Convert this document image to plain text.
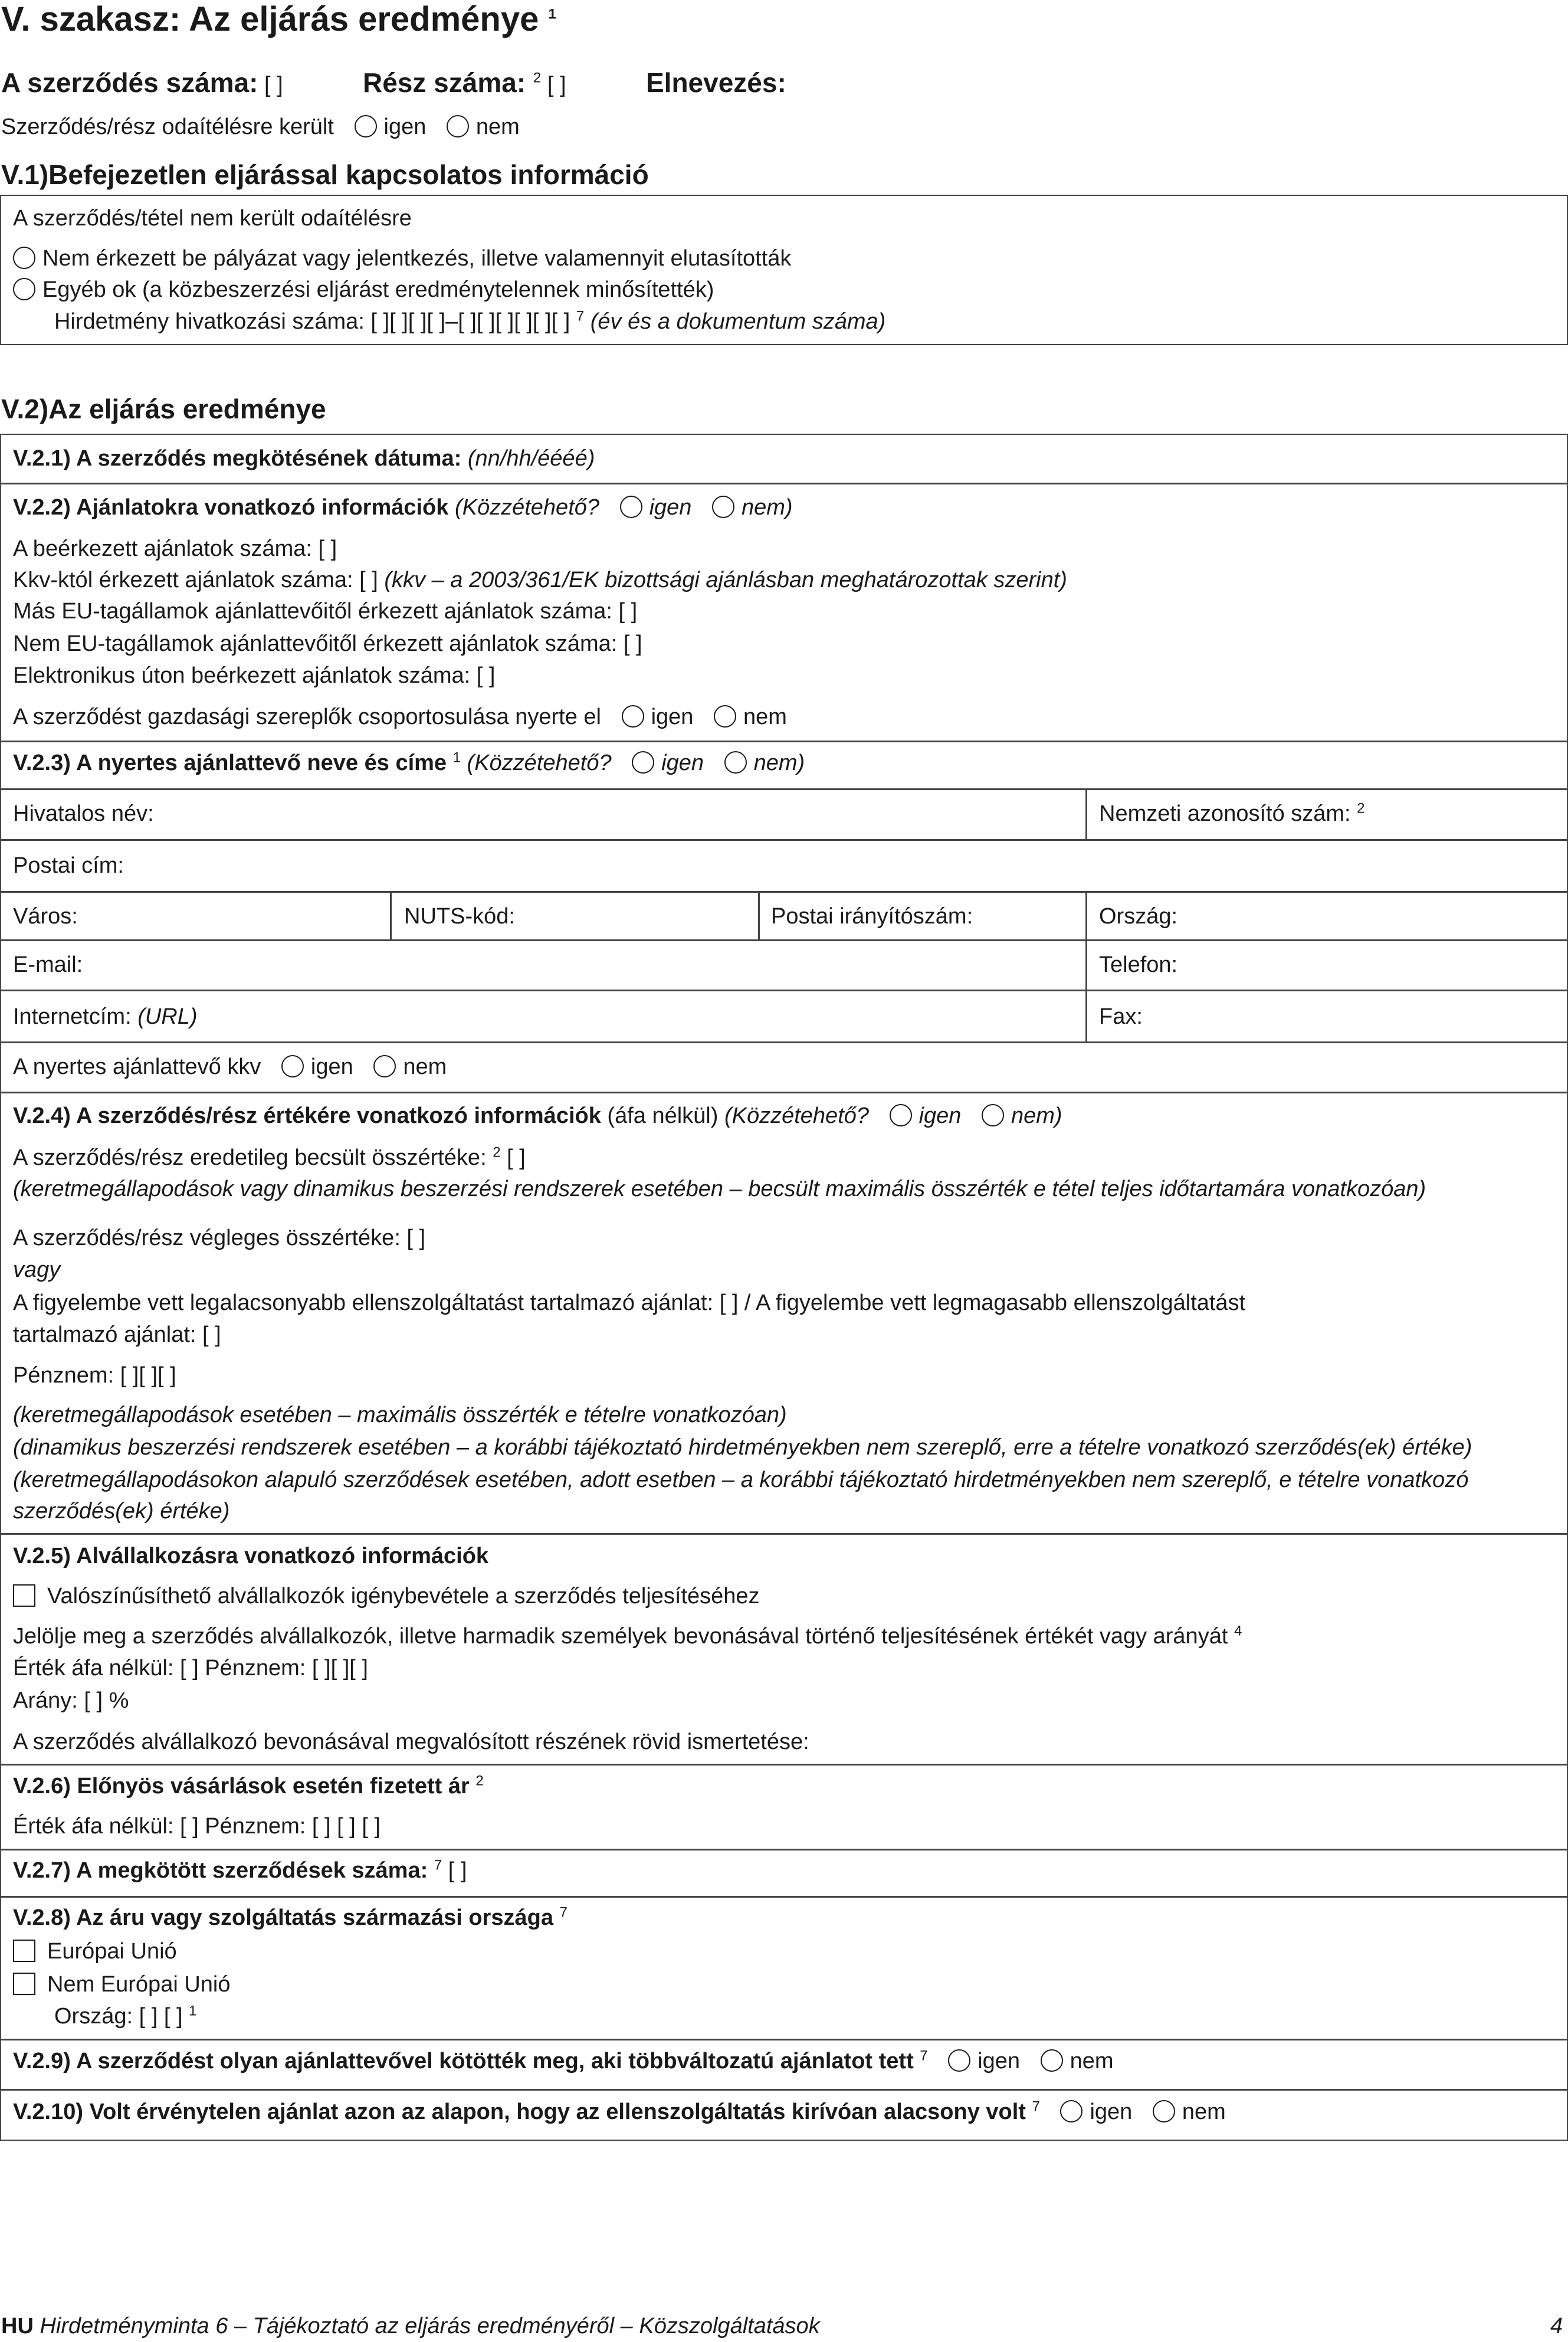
V. szakasz: Az eljárás eredménye $^1$
A szerződés száma: [ ]	Rész száma: $^2$ [ ]	Elnevezés:
Szerződés/rész odaítélésre került igen nem
V.1)Befejezetlen eljárással kapcsolatos információ
A szerződés/tétel nem került odaítélésre
Nem érkezett be pályázat vagy jelentkezés, illetve valamennyit elutasították
Egyéb ok (a közbeszerzési eljárást eredménytelennek minősítették)
Hirdetmény hivatkozási száma: [ ][ ][ ][ ]–[ ][ ][ ][ ][ ][ ] $^7$ (év és a dokumentum száma)
V.2)Az eljárás eredménye
V.2.1) A szerződés megkötésének dátuma: (nn/hh/éééé)
V.2.2) Ajánlatokra vonatkozó információk (Közzétehető? igen nem)
A beérkezett ajánlatok száma: [ ]
Kkv-któl érkezett ajánlatok száma: [ ] (kkv – a 2003/361/EK bizottsági ajánlásban meghatározottak szerint)
Más EU-tagállamok ajánlattevőitől érkezett ajánlatok száma: [ ]
Nem EU-tagállamok ajánlattevőitől érkezett ajánlatok száma: [ ]
Elektronikus úton beérkezett ajánlatok száma: [ ]
A szerződést gazdasági szereplők csoportosulása nyerte el igen nem
V.2.3) A nyertes ajánlattevő neve és címe $^1$ (Közzétehető? igen nem)
Hivatalos név:	Nemzeti azonosító szám: $^2$
Postai cím:
Város:	NUTS-kód:	Postai irányítószám:	Ország:
E-mail:	Telefon:
Internetcím: (URL)	Fax:
A nyertes ajánlattevő kkv igen nem
V.2.4) A szerződés/rész értékére vonatkozó információk (áfa nélkül) (Közzétehető? igen nem)
A szerződés/rész eredetileg becsült összértéke: $^2$ [ ]
(keretmegállapodások vagy dinamikus beszerzési rendszerek esetében – becsült maximális összérték e tétel teljes időtartamára vonatkozóan)
A szerződés/rész végleges összértéke: [ ]
vagy
A figyelembe vett legalacsonyabb ellenszolgáltatást tartalmazó ajánlat: [ ] / A figyelembe vett legmagasabb ellenszolgáltatást
tartalmazó ajánlat: [ ]
Pénznem: [ ][ ][ ]
(keretmegállapodások esetében – maximális összérték e tételre vonatkozóan)
(dinamikus beszerzési rendszerek esetében – a korábbi tájékoztató hirdetményekben nem szereplő, erre a tételre vonatkozó szerződés(ek) értéke)
(keretmegállapodásokon alapuló szerződések esetében, adott esetben – a korábbi tájékoztató hirdetményekben nem szereplő, e tételre vonatkozó
szerződés(ek) értéke)
V.2.5) Alvállalkozásra vonatkozó információk
Valószínűsíthető alvállalkozók igénybevétele a szerződés teljesítéséhez
Jelölje meg a szerződés alvállalkozók, illetve harmadik személyek bevonásával történő teljesítésének értékét vagy arányát $^4$
Érték áfa nélkül: [ ] Pénznem: [ ][ ][ ]
Arány: [ ] %
A szerződés alvállalkozó bevonásával megvalósított részének rövid ismertetése:
V.2.6) Előnyös vásárlások esetén fizetett ár $^2$
Érték áfa nélkül: [ ] Pénznem: [ ] [ ] [ ]
V.2.7) A megkötött szerződések száma: $^7$ [ ]
V.2.8) Az áru vagy szolgáltatás származási országa $^7$
Európai Unió
Nem Európai Unió
Ország: [ ] [ ] $^1$
V.2.9) A szerződést olyan ajánlattevővel kötötték meg, aki többváltozatú ajánlatot tett $^7$ igen nem
V.2.10) Volt érvénytelen ajánlat azon az alapon, hogy az ellenszolgáltatás kirívóan alacsony volt $^7$ igen nem
HU Hirdetményminta 6 – Tájékoztató az eljárás eredményéről – Közszolgáltatások	4
